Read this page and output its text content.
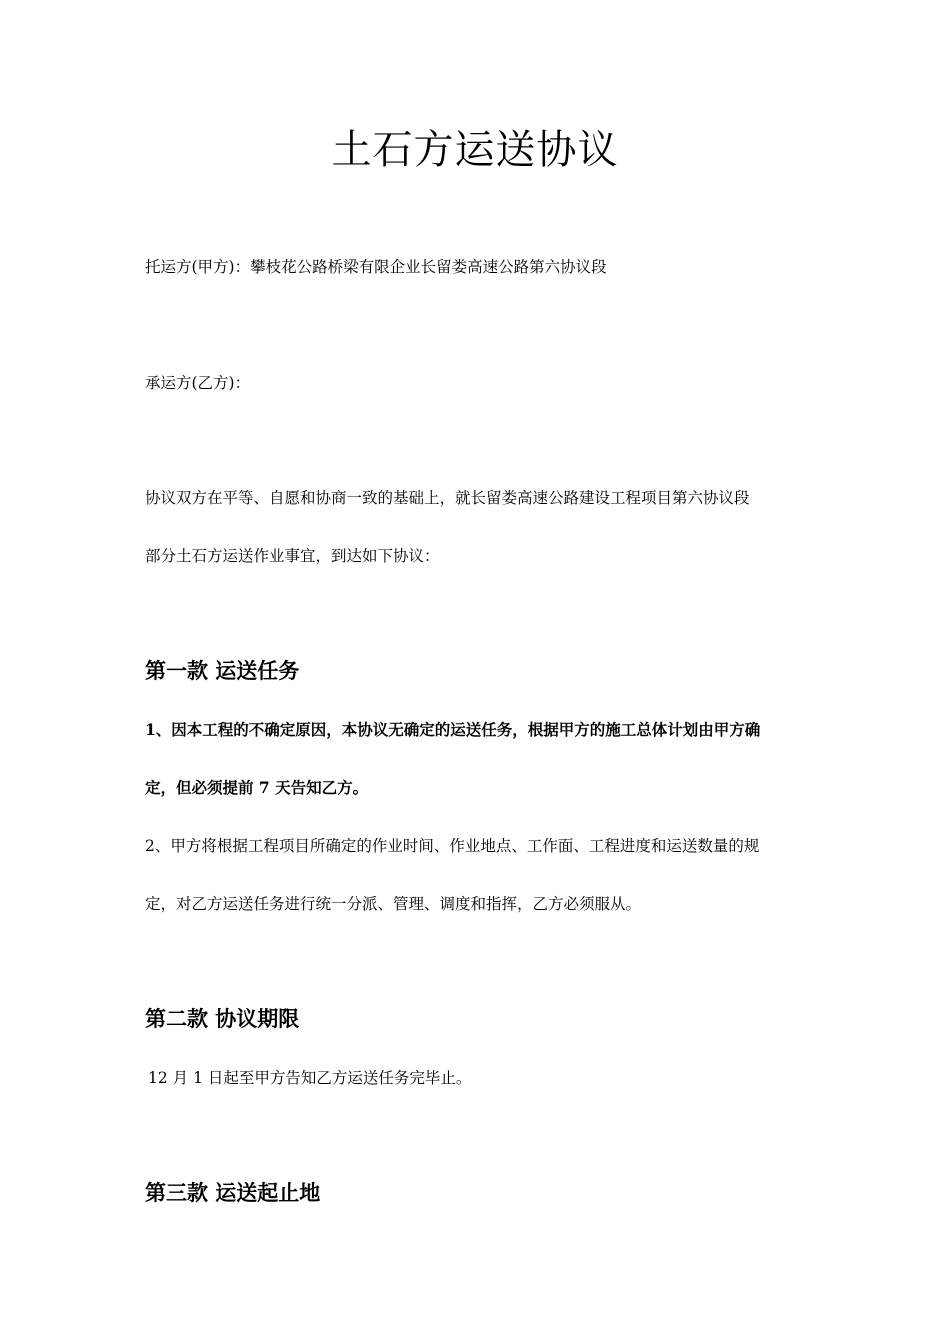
土石方运送协议
托运方(甲方)：攀枝花公路桥梁有限企业长留娄高速公路第六协议段
承运方(乙方)：
协议双方在平等、自愿和协商一致的基础上，就长留娄高速公路建设工程项目第六协议段
部分土石方运送作业事宜，到达如下协议：
第一款 运送任务
1、因本工程的不确定原因，本协议无确定的运送任务，根据甲方的施工总体计划由甲方确
定，但必须提前 7 天告知乙方。
2、甲方将根据工程项目所确定的作业时间、作业地点、工作面、工程进度和运送数量的规
定，对乙方运送任务进行统一分派、管理、调度和指挥，乙方必须服从。
第二款 协议期限
12 月 1 日起至甲方告知乙方运送任务完毕止。
第三款 运送起止地
